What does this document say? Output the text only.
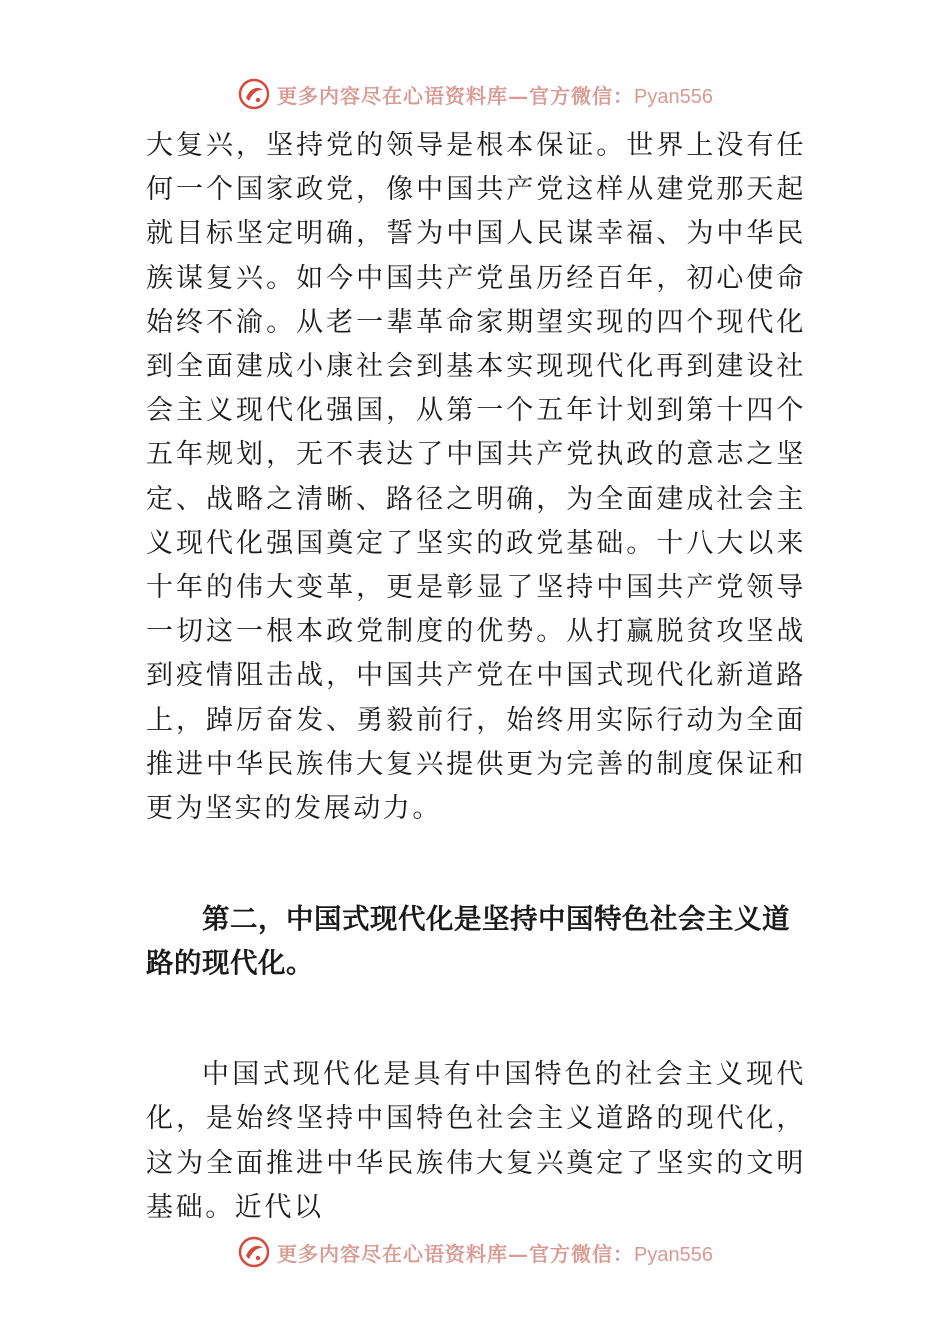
更多内容尽在心语资料库—官方微信：Pyan556

大复兴，坚持党的领导是根本保证。世界上没有任何一个国家政党，像中国共产党这样从建党那天起就目标坚定明确，誓为中国人民谋幸福、为中华民族谋复兴。如今中国共产党虽历经百年，初心使命始终不渝。从老一辈革命家期望实现的四个现代化到全面建成小康社会到基本实现现代化再到建设社会主义现代化强国，从第一个五年计划到第十四个五年规划，无不表达了中国共产党执政的意志之坚定、战略之清晰、路径之明确，为全面建成社会主义现代化强国奠定了坚实的政党基础。十八大以来十年的伟大变革，更是彰显了坚持中国共产党领导一切这一根本政党制度的优势。从打赢脱贫攻坚战到疫情阻击战，中国共产党在中国式现代化新道路上，踔厉奋发、勇毅前行，始终用实际行动为全面推进中华民族伟大复兴提供更为完善的制度保证和更为坚实的发展动力。

第二，中国式现代化是坚持中国特色社会主义道路的现代化。

中国式现代化是具有中国特色的社会主义现代化，是始终坚持中国特色社会主义道路的现代化，这为全面推进中华民族伟大复兴奠定了坚实的文明基础。近代以

更多内容尽在心语资料库—官方微信：Pyan556
